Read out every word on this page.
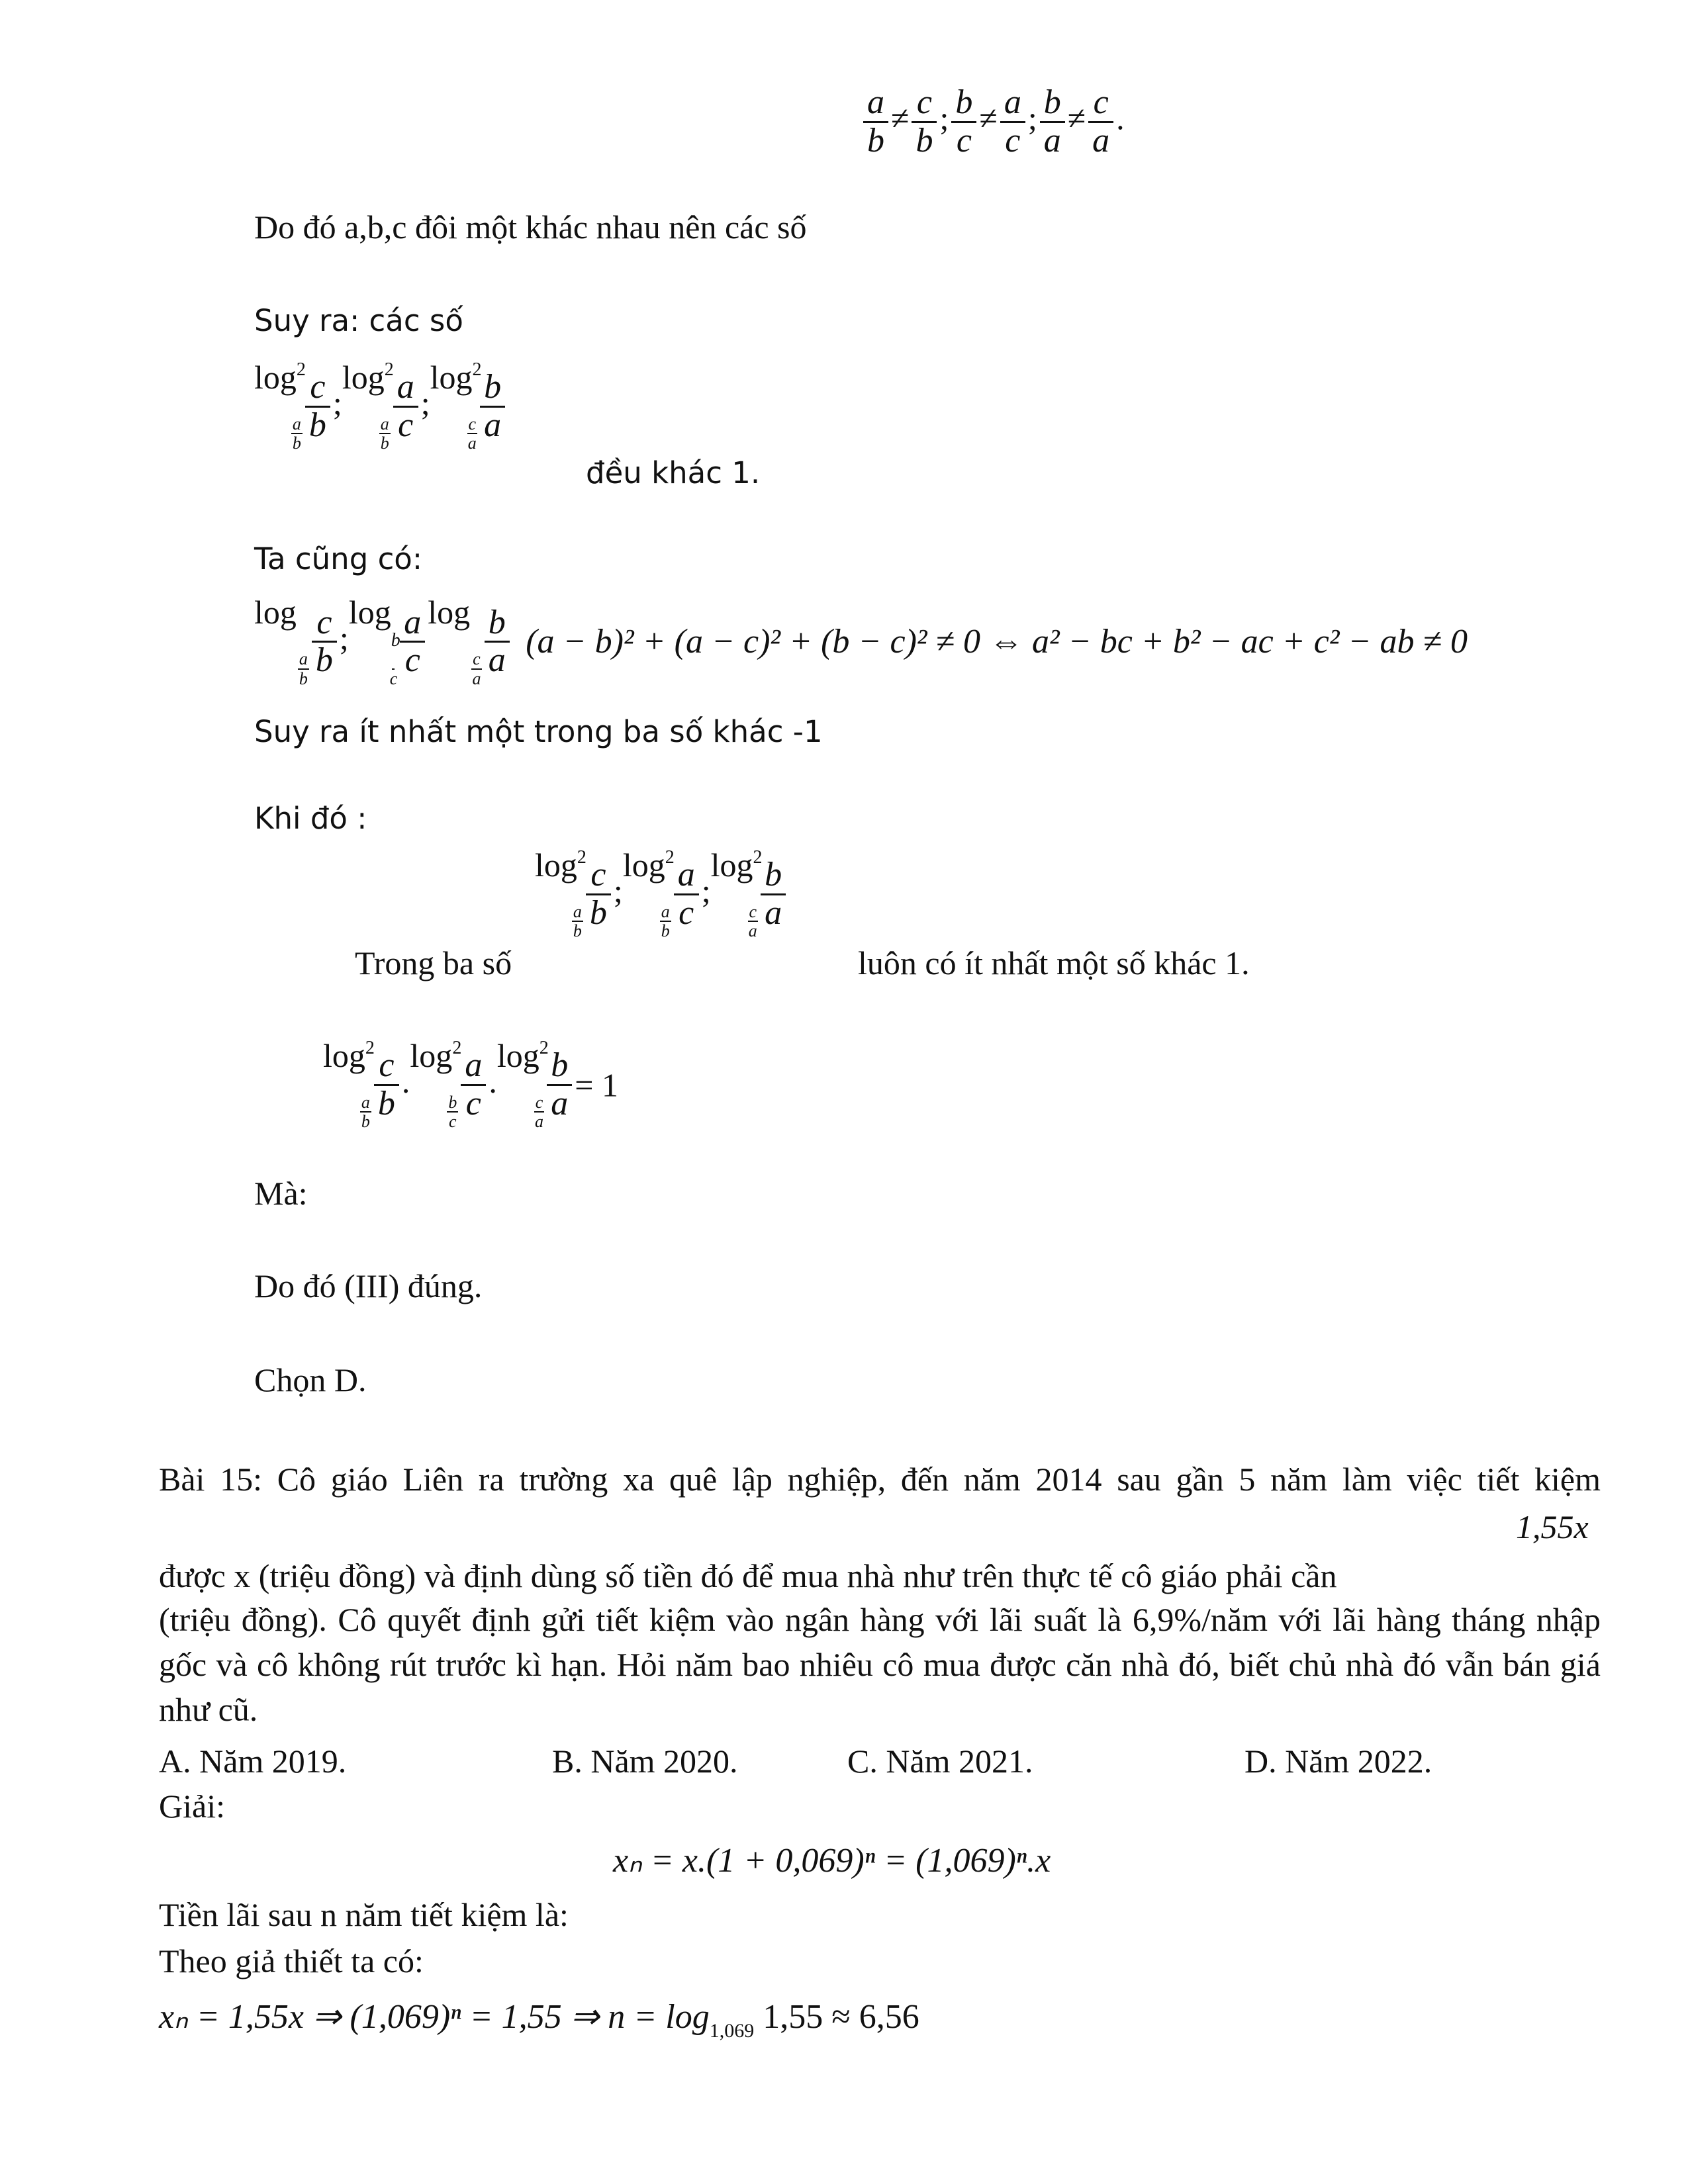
$\frac{a}{b} \ne \frac{c}{b}$ ; $\frac{b}{c} \ne \frac{a}{c}$ ; $\frac{b}{a} \ne \frac{c}{a}$ .
Do đó a,b,c đôi một khác nhau nên các số
Suy ra: các số
log2
$\frac{a}{b} \frac{c}{b}$ ;log2
$\frac{a}{b} \frac{a}{c}$ ;log2
$\frac{c}{a} \frac{b}{a}$
đều khác 1.
Ta cũng có:
log
$\frac{a}{b} \frac{c}{b}$ ;logb
c $\frac{a}{c}$ log
$\frac{c}{a} \frac{b}{a} (a - b)^2 + (a - c)^2 + (b - c)^2 \ne 0$ ⇔ a² − bc + b² − ac + c² − ab ≠ 0
Suy ra ít nhất một trong ba số khác -1
Khi đó :
log2
$\frac{a}{b} \frac{c}{b}$ ;log2
$\frac{a}{b} \frac{a}{c}$ ;log2
$\frac{c}{a} \frac{b}{a}$
Trong ba số	luôn có ít nhất một số khác 1.
log2
$\frac{a}{b} \frac{c}{b} .\log 2$
$\frac{b}{c} \frac{a}{c} .\log 2$
$\frac{c}{a} \frac{b}{a} = 1$
Mà:
Do đó (III) đúng.
Chọn D.
Bài 15: Cô giáo Liên ra trường xa quê lập nghiệp, đến năm 2014 sau gần 5 năm làm việc tiết kiệm
1,55x
được x (triệu đồng) và định dùng số tiền đó để mua nhà như trên thực tế cô giáo phải cần
(triệu đồng). Cô quyết định gửi tiết kiệm vào ngân hàng với lãi suất là 6,9%/năm với lãi hàng tháng nhập gốc và cô không rút trước kì hạn. Hỏi năm bao nhiêu cô mua được căn nhà đó, biết chủ nhà đó vẫn bán giá như cũ.
A. Năm 2019.	B. Năm 2020.	C. Năm 2021.	D. Năm 2022.
Giải:
xₙ = x.(1 + 0,069)ⁿ = (1,069)ⁿ.x
Tiền lãi sau n năm tiết kiệm là:
Theo giả thiết ta có:
xₙ = 1,55x ⇒ (1,069)ⁿ = 1,55 ⇒ $n = \log_{1,069} 1,55 \approx 6,56$
